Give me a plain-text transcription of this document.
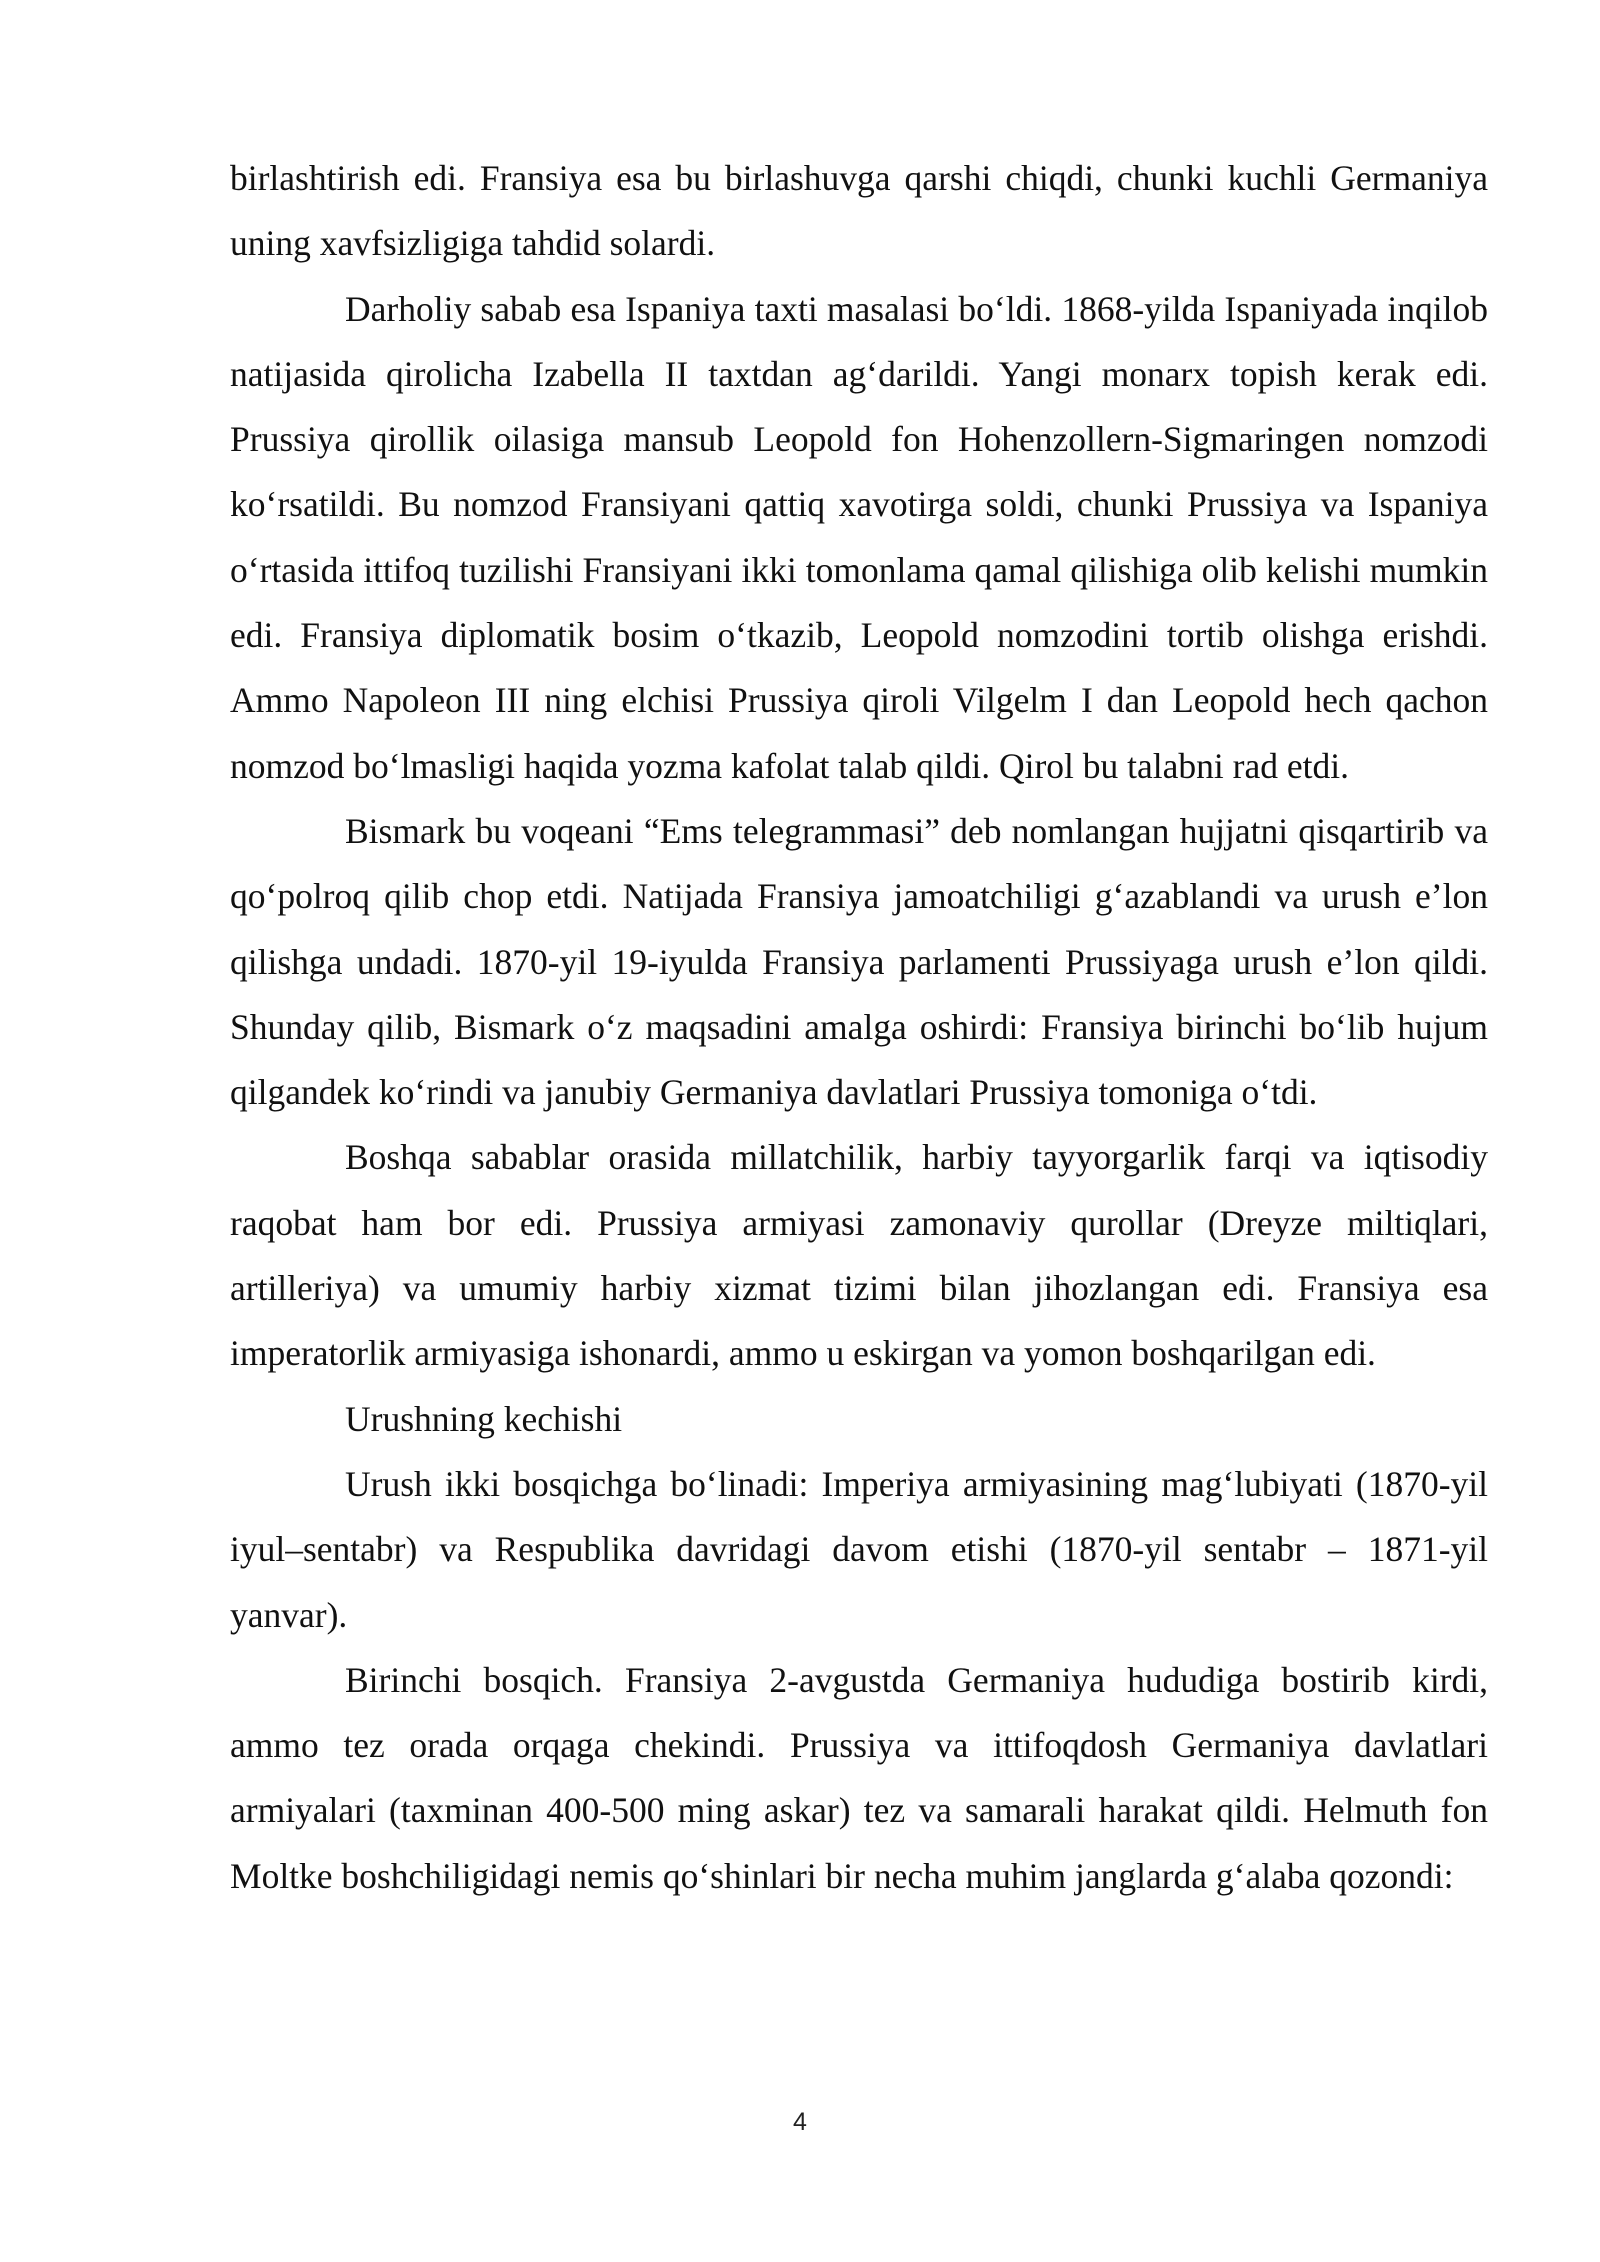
birlashtirish edi. Fransiya esa bu birlashuvga qarshi chiqdi, chunki kuchli Germaniya uning xavfsizligiga tahdid solardi.

Darholiy sabab esa Ispaniya taxti masalasi bo‘ldi. 1868-yilda Ispaniyada inqilob natijasida qirolicha Izabella II taxtdan ag‘darildi. Yangi monarx topish kerak edi. Prussiya qirollik oilasiga mansub Leopold fon Hohenzollern-Sigmaringen nomzodi ko‘rsatildi. Bu nomzod Fransiyani qattiq xavotirga soldi, chunki Prussiya va Ispaniya o‘rtasida ittifoq tuzilishi Fransiyani ikki tomonlama qamal qilishiga olib kelishi mumkin edi. Fransiya diplomatik bosim o‘tkazib, Leopold nomzodini tortib olishga erishdi. Ammo Napoleon III ning elchisi Prussiya qiroli Vilgelm I dan Leopold hech qachon nomzod bo‘lmasligi haqida yozma kafolat talab qildi. Qirol bu talabni rad etdi.

Bismark bu voqeani “Ems telegrammasi” deb nomlangan hujjatni qisqartirib va qo‘polroq qilib chop etdi. Natijada Fransiya jamoatchiligi g‘azablandi va urush e’lon qilishga undadi. 1870-yil 19-iyulda Fransiya parlamenti Prussiyaga urush e’lon qildi. Shunday qilib, Bismark o‘z maqsadini amalga oshirdi: Fransiya birinchi bo‘lib hujum qilgandek ko‘rindi va janubiy Germaniya davlatlari Prussiya tomoniga o‘tdi.

Boshqa sabablar orasida millatchilik, harbiy tayyorgarlik farqi va iqtisodiy raqobat ham bor edi. Prussiya armiyasi zamonaviy qurollar (Dreyze miltiqlari, artilleriya) va umumiy harbiy xizmat tizimi bilan jihozlangan edi. Fransiya esa imperatorlik armiyasiga ishonardi, ammo u eskirgan va yomon boshqarilgan edi.

Urushning kechishi

Urush ikki bosqichga bo‘linadi: Imperiya armiyasining mag‘lubiyati (1870-yil iyul–sentabr) va Respublika davridagi davom etishi (1870-yil sentabr – 1871-yil yanvar).

Birinchi bosqich. Fransiya 2-avgustda Germaniya hududiga bostirib kirdi, ammo tez orada orqaga chekindi. Prussiya va ittifoqdosh Germaniya davlatlari armiyalari (taxminan 400-500 ming askar) tez va samarali harakat qildi. Helmuth fon Moltke boshchiligidagi nemis qo‘shinlari bir necha muhim janglarda g‘alaba qozondi:

4
